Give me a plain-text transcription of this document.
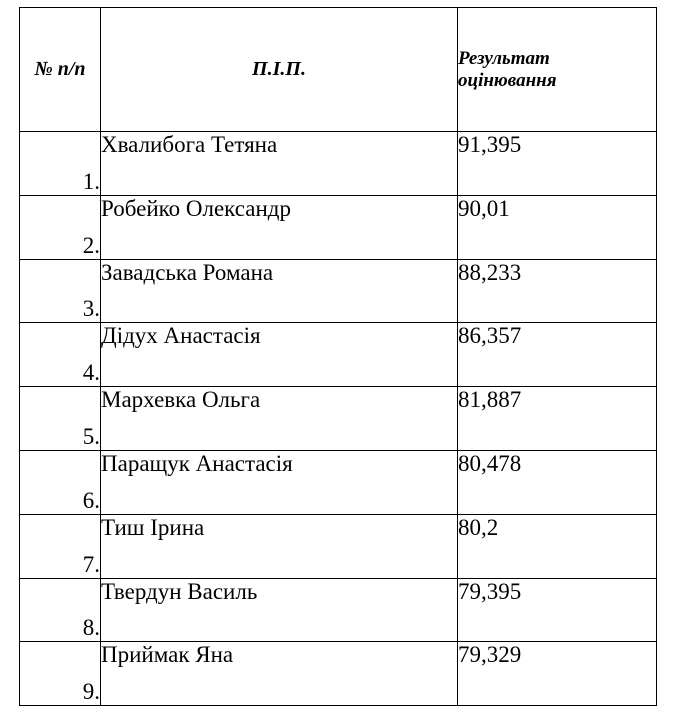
№ п/п	П.І.П.	Результат
оцінювання

1.	Хвалибога Тетяна	91,395
2.	Робейко Олександр	90,01
3.	Завадська Романа	88,233
4.	Дідух Анастасія	86,357
5.	Мархевка Ольга	81,887
6.	Паращук Анастасія	80,478
7.	Тиш Ірина	80,2
8.	Твердун Василь	79,395
9.	Приймак Яна	79,329
